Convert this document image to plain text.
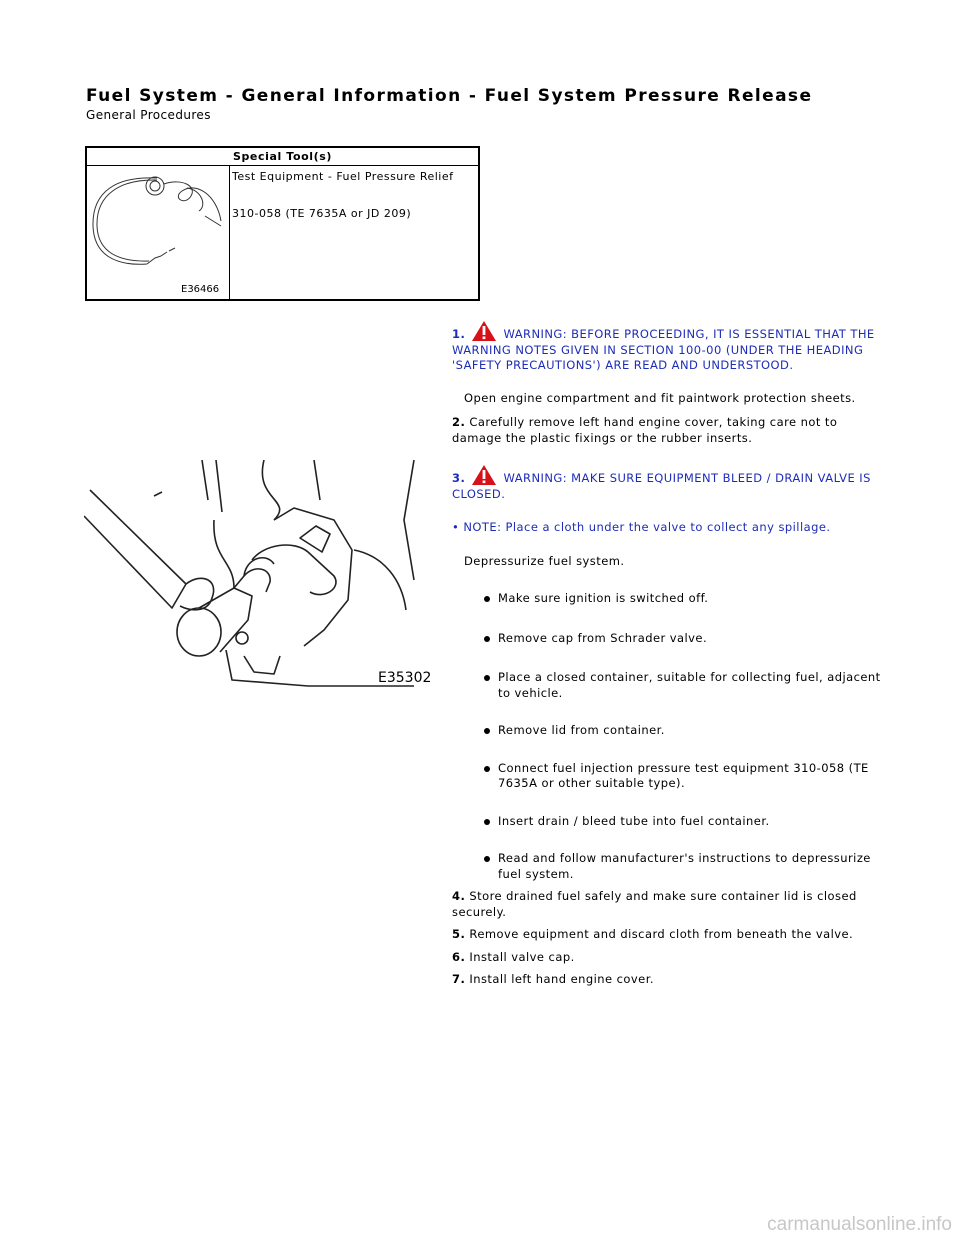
Fuel System - General Information - Fuel System Pressure Release
General Procedures
Special Tool(s)
E36466

Test Equipment - Fuel Pressure Relief

310-058 (TE 7635A or JD 209)

E35302
1.	WARNING: BEFORE PROCEEDING, IT IS ESSENTIAL THAT THE WARNING NOTES GIVEN IN SECTION 100-00 (UNDER THE HEADING 'SAFETY PRECAUTIONS') ARE READ AND UNDERSTOOD.
Open engine compartment and fit paintwork protection sheets.
2. Carefully remove left hand engine cover, taking care not to damage the plastic fixings or the rubber inserts.
3.	WARNING: MAKE SURE EQUIPMENT BLEED / DRAIN VALVE IS CLOSED.
• NOTE: Place a cloth under the valve to collect any spillage.
Depressurize fuel system.
Make sure ignition is switched off.
Remove cap from Schrader valve.
Place a closed container, suitable for collecting fuel, adjacent to vehicle.
Remove lid from container.
Connect fuel injection pressure test equipment 310-058 (TE 7635A or other suitable type).
Insert drain / bleed tube into fuel container.
Read and follow manufacturer's instructions to depressurize fuel system.
4. Store drained fuel safely and make sure container lid is closed securely.
5. Remove equipment and discard cloth from beneath the valve.
6. Install valve cap.
7. Install left hand engine cover.
carmanualsonline.info
